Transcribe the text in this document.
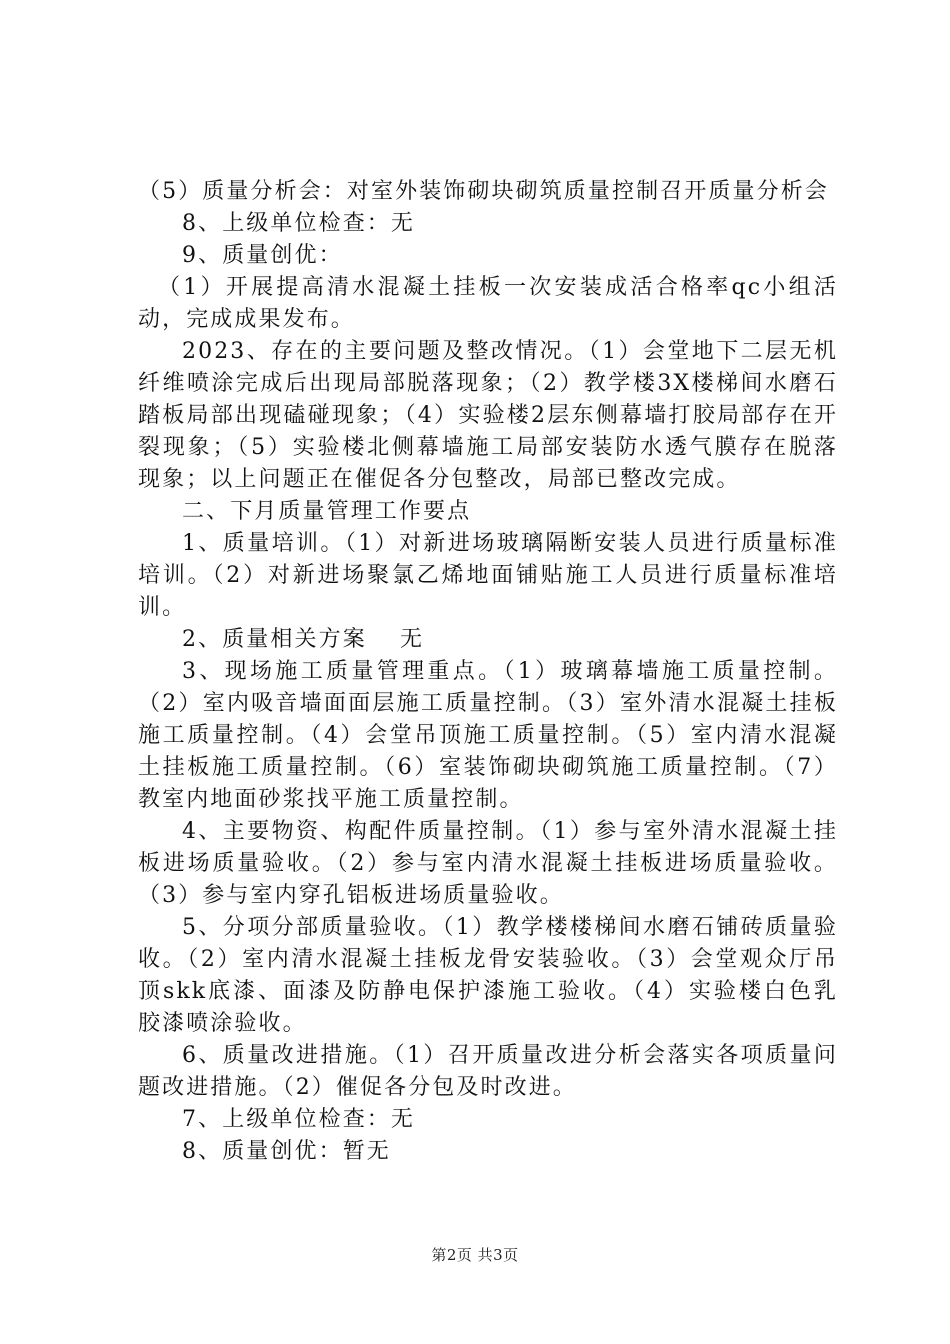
（5）质量分析会：对室外装饰砌块砌筑质量控制召开质量分析会

8、上级单位检查：无

9、质量创优：

（1）开展提高清水混凝土挂板一次安装成活合格率qc小组活动，完成成果发布。

2023、存在的主要问题及整改情况。（1）会堂地下二层无机纤维喷涂完成后出现局部脱落现象；（2）教学楼3X楼梯间水磨石踏板局部出现磕碰现象；（4）实验楼2层东侧幕墙打胶局部存在开裂现象；（5）实验楼北侧幕墙施工局部安装防水透气膜存在脱落现象；以上问题正在催促各分包整改，局部已整改完成。

二、下月质量管理工作要点

1、质量培训。（1）对新进场玻璃隔断安装人员进行质量标准培训。（2）对新进场聚氯乙烯地面铺贴施工人员进行质量标准培训。

2、质量相关方案　 无

3、现场施工质量管理重点。（1）玻璃幕墙施工质量控制。（2）室内吸音墙面面层施工质量控制。（3）室外清水混凝土挂板施工质量控制。（4）会堂吊顶施工质量控制。（5）室内清水混凝土挂板施工质量控制。（6）室装饰砌块砌筑施工质量控制。（7）教室内地面砂浆找平施工质量控制。

4、主要物资、构配件质量控制。（1）参与室外清水混凝土挂板进场质量验收。（2）参与室内清水混凝土挂板进场质量验收。（3）参与室内穿孔铝板进场质量验收。

5、分项分部质量验收。（1）教学楼楼梯间水磨石铺砖质量验收。（2）室内清水混凝土挂板龙骨安装验收。（3）会堂观众厅吊顶skk底漆、面漆及防静电保护漆施工验收。（4）实验楼白色乳胶漆喷涂验收。

6、质量改进措施。（1）召开质量改进分析会落实各项质量问题改进措施。（2）催促各分包及时改进。

7、上级单位检查：无

8、质量创优：暂无

第2页 共3页
